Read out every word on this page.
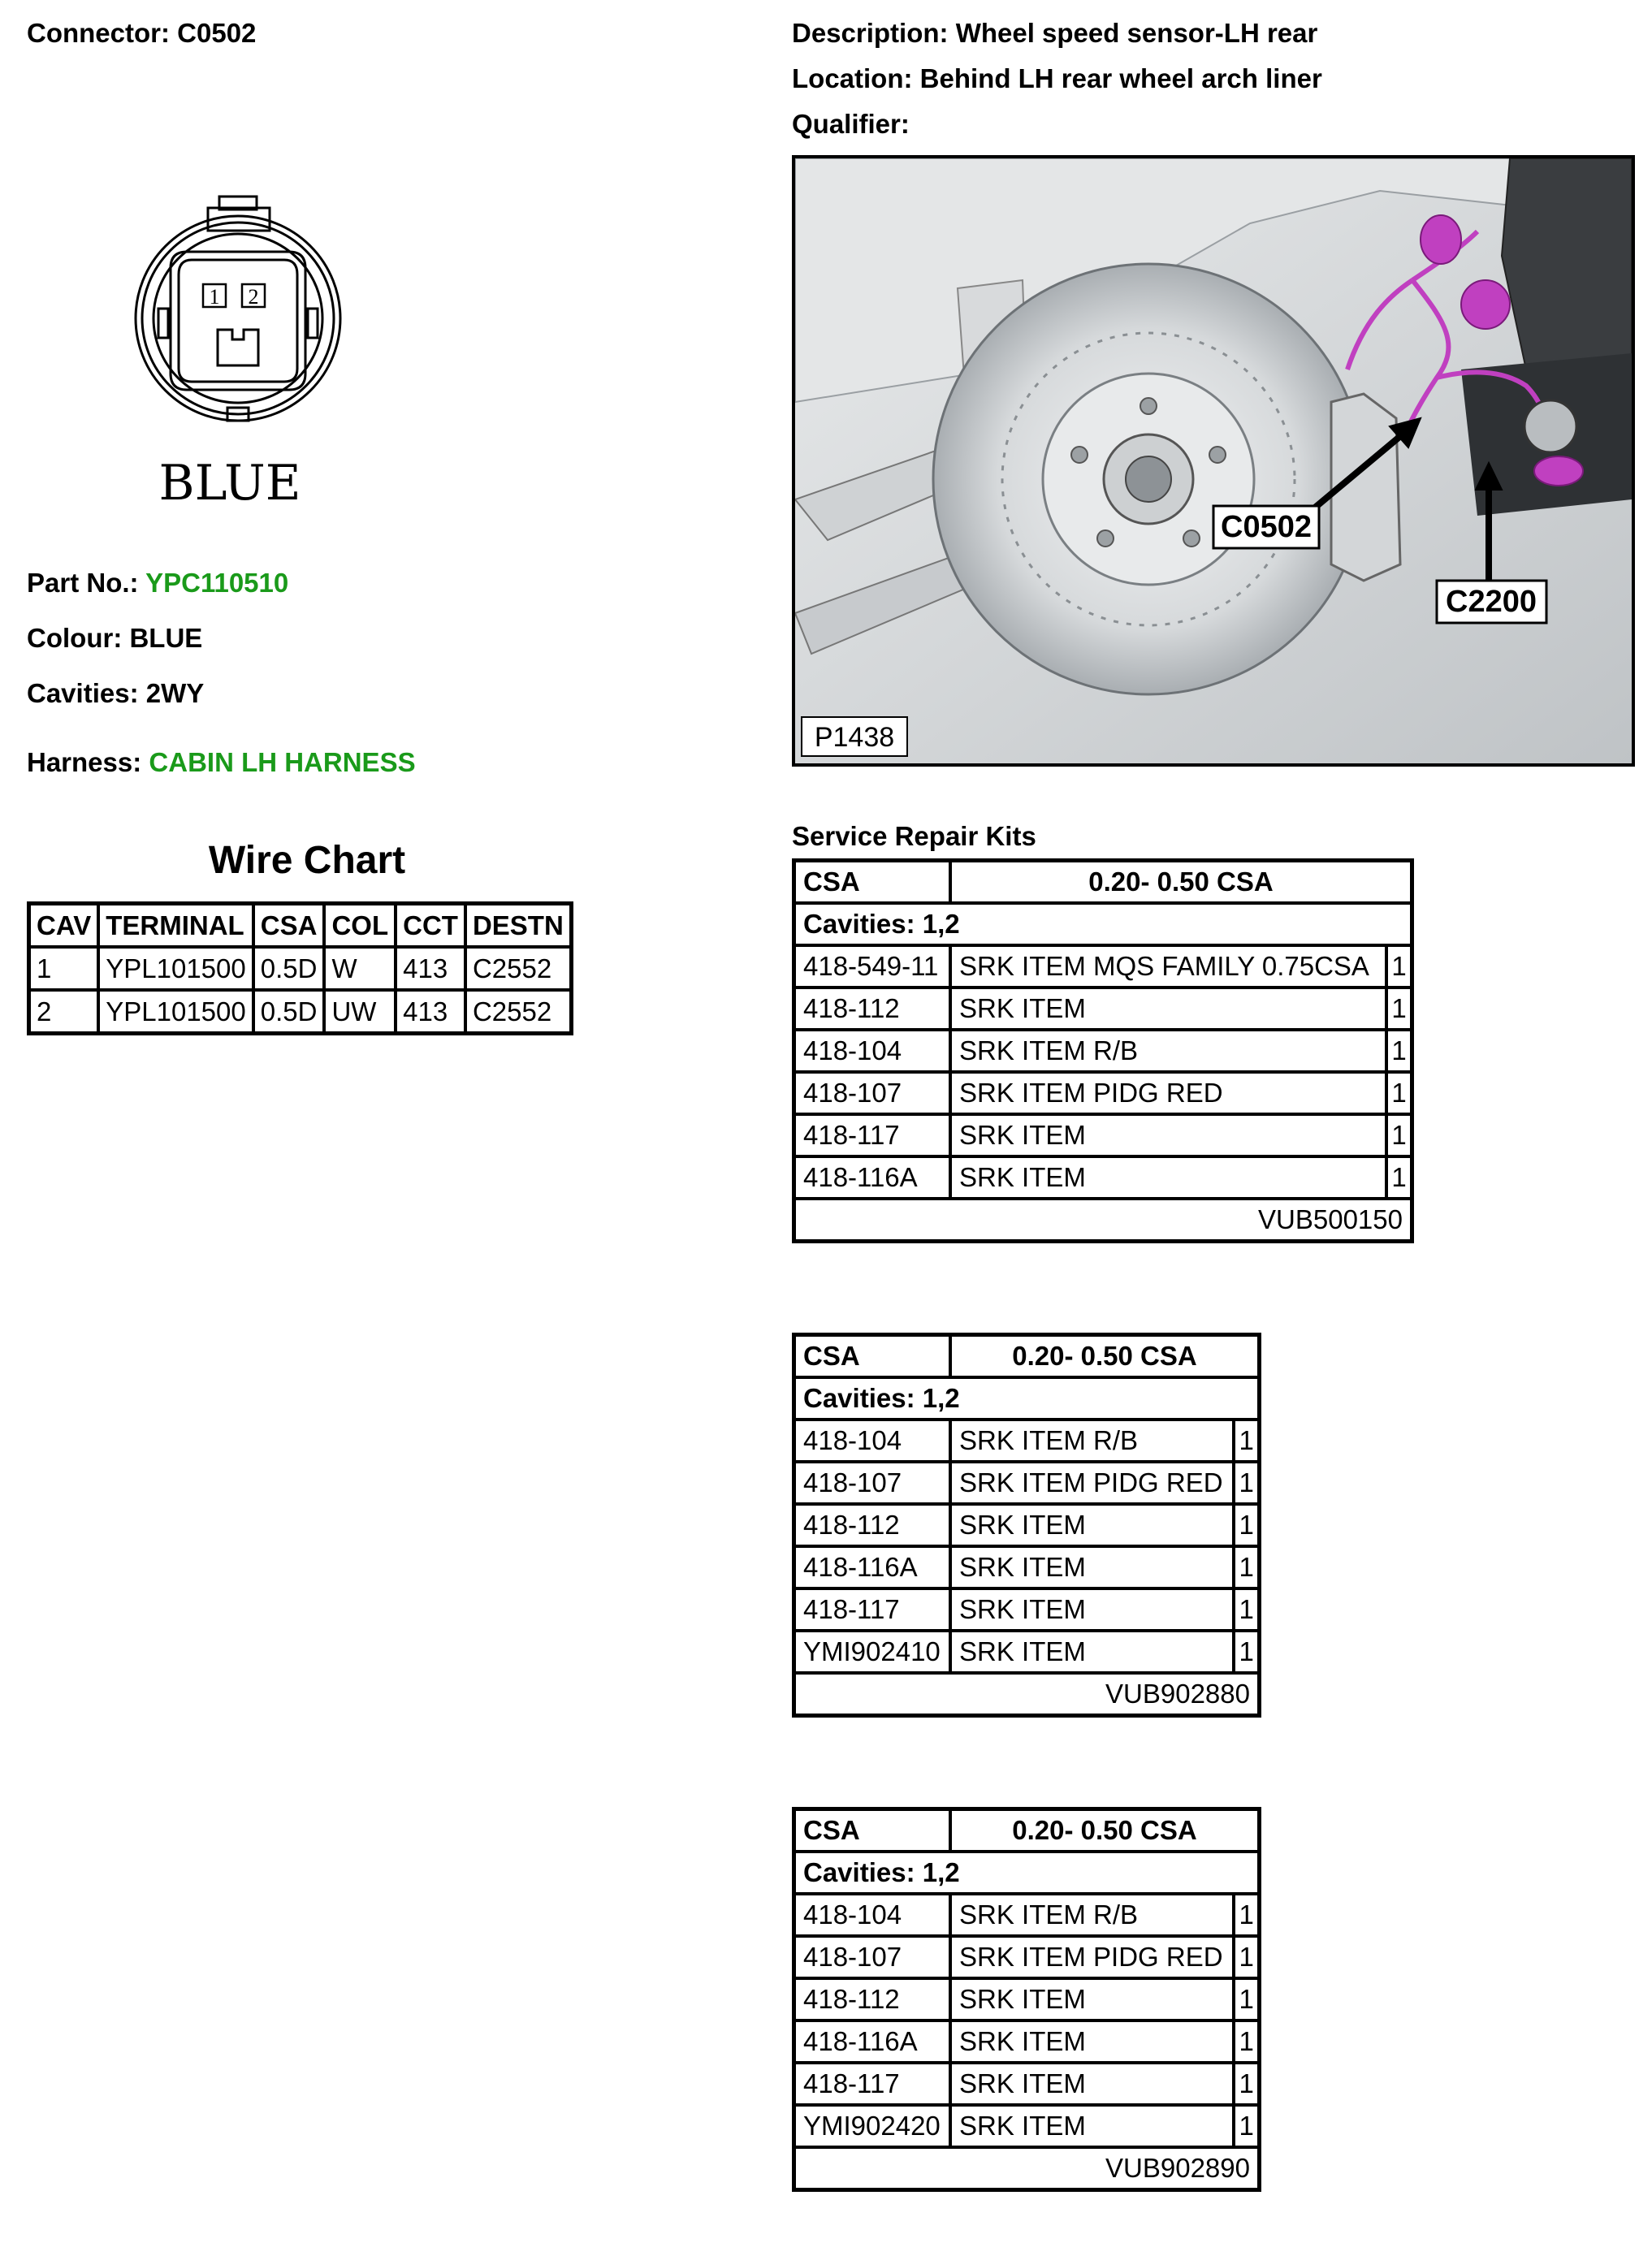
Connector: C0502	Description: Wheel speed sensor-LH rear
Location: Behind LH rear wheel arch liner
Qualifier:
1 2
BLUE
Part No.: YPC110510
Colour: BLUE
Cavities: 2WY
Harness: CABIN LH HARNESS
Wire Chart
CAV	TERMINAL	CSA	COL	CCT	DESTN
1	YPL101500	0.5D	W	413	C2552
2	YPL101500	0.5D	UW	413	C2552
C0502
C2200
P1438
Service Repair Kits
CSA	0.20- 0.50 CSA	
Cavities: 1,2		
418-549-11	SRK ITEM MQS FAMILY 0.75CSA	1
418-112	SRK ITEM	1
418-104	SRK ITEM R/B	1
418-107	SRK ITEM PIDG RED	1
418-117	SRK ITEM	1
418-116A	SRK ITEM	1
VUB500150		
CSA	0.20- 0.50 CSA	
Cavities: 1,2		
418-104	SRK ITEM R/B	1
418-107	SRK ITEM PIDG RED	1
418-112	SRK ITEM	1
418-116A	SRK ITEM	1
418-117	SRK ITEM	1
YMI902410	SRK ITEM	1
VUB902880		
CSA	0.20- 0.50 CSA	
Cavities: 1,2		
418-104	SRK ITEM R/B	1
418-107	SRK ITEM PIDG RED	1
418-112	SRK ITEM	1
418-116A	SRK ITEM	1
418-117	SRK ITEM	1
YMI902420	SRK ITEM	1
VUB902890		
